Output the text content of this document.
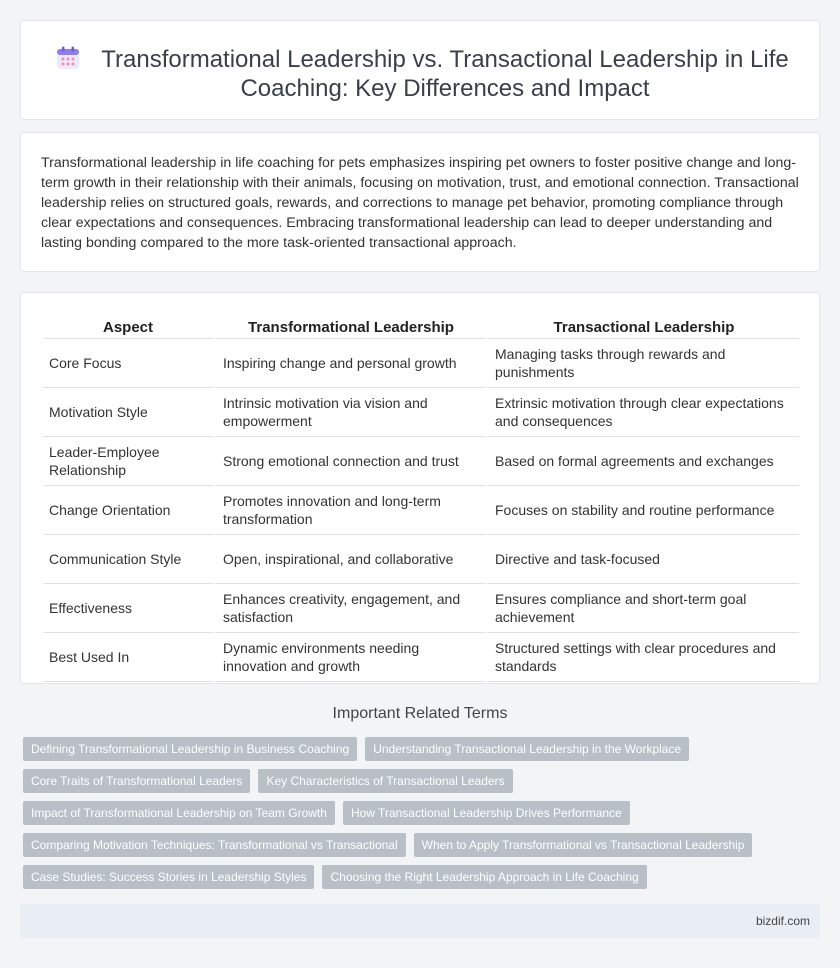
Transformational Leadership vs. Transactional Leadership in Life Coaching: Key Differences and Impact

Transformational leadership in life coaching for pets emphasizes inspiring pet owners to foster positive change and long-term growth in their relationship with their animals, focusing on motivation, trust, and emotional connection. Transactional leadership relies on structured goals, rewards, and corrections to manage pet behavior, promoting compliance through clear expectations and consequences. Embracing transformational leadership can lead to deeper understanding and lasting bonding compared to the more task-oriented transactional approach.

Aspect	Transformational Leadership	Transactional Leadership
Core Focus	Inspiring change and personal growth	Managing tasks through rewards and punishments
Motivation Style	Intrinsic motivation via vision and empowerment	Extrinsic motivation through clear expectations and consequences
Leader-Employee Relationship	Strong emotional connection and trust	Based on formal agreements and exchanges
Change Orientation	Promotes innovation and long-term transformation	Focuses on stability and routine performance
Communication Style	Open, inspirational, and collaborative	Directive and task-focused
Effectiveness	Enhances creativity, engagement, and satisfaction	Ensures compliance and short-term goal achievement
Best Used In	Dynamic environments needing innovation and growth	Structured settings with clear procedures and standards
Important Related Terms
Defining Transformational Leadership in Business Coaching	Understanding Transactional Leadership in the Workplace
Core Traits of Transformational Leaders	Key Characteristics of Transactional Leaders
Impact of Transformational Leadership on Team Growth	How Transactional Leadership Drives Performance
Comparing Motivation Techniques: Transformational vs Transactional	When to Apply Transformational vs Transactional Leadership
Case Studies: Success Stories in Leadership Styles	Choosing the Right Leadership Approach in Life Coaching
bizdif.com
